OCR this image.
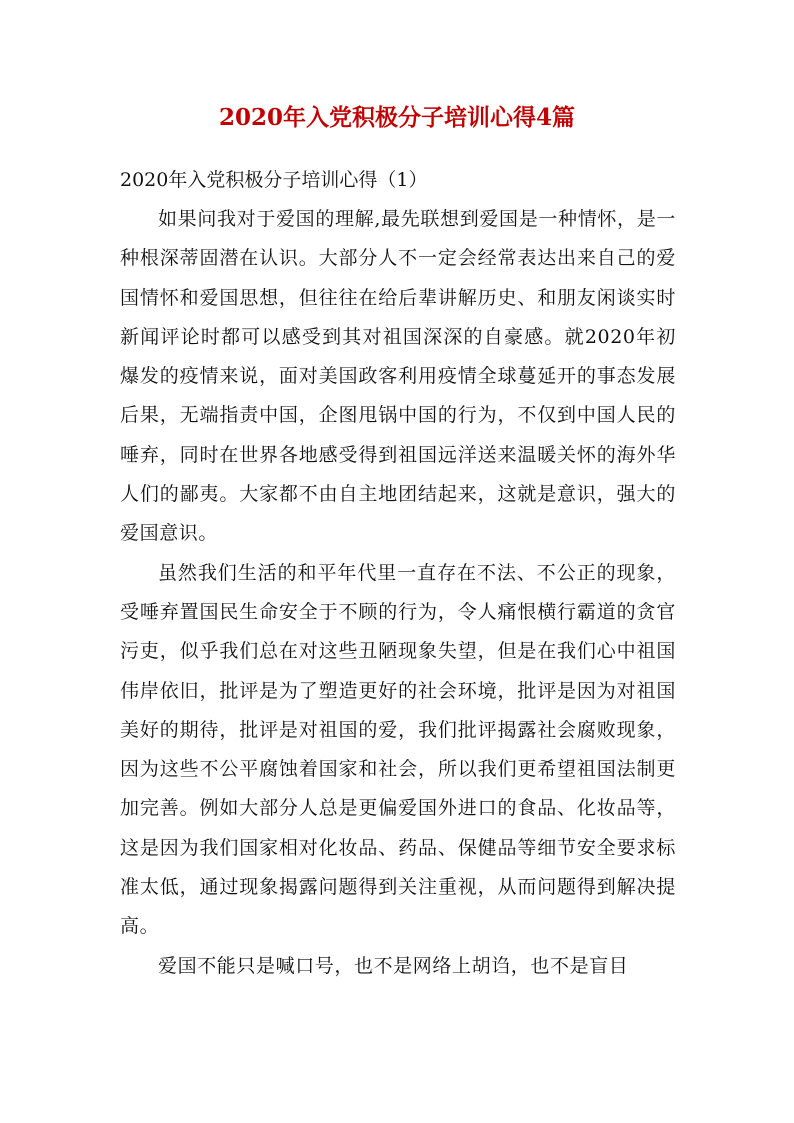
2020年入党积极分子培训心得4篇
2020年入党积极分子培训心得（1）

如果问我对于爱国的理解,最先联想到爱国是一种情怀，是一种根深蒂固潜在认识。大部分人不一定会经常表达出来自己的爱国情怀和爱国思想，但往往在给后辈讲解历史、和朋友闲谈实时新闻评论时都可以感受到其对祖国深深的自豪感。就2020年初爆发的疫情来说，面对美国政客利用疫情全球蔓延开的事态发展后果，无端指责中国，企图甩锅中国的行为，不仅到中国人民的唾弃，同时在世界各地感受得到祖国远洋送来温暖关怀的海外华人们的鄙夷。大家都不由自主地团结起来，这就是意识，强大的爱国意识。

虽然我们生活的和平年代里一直存在不法、不公正的现象，受唾弃置国民生命安全于不顾的行为，令人痛恨横行霸道的贪官污吏，似乎我们总在对这些丑陋现象失望，但是在我们心中祖国伟岸依旧，批评是为了塑造更好的社会环境，批评是因为对祖国美好的期待，批评是对祖国的爱，我们批评揭露社会腐败现象，因为这些不公平腐蚀着国家和社会，所以我们更希望祖国法制更加完善。例如大部分人总是更偏爱国外进口的食品、化妆品等，这是因为我们国家相对化妆品、药品、保健品等细节安全要求标准太低，通过现象揭露问题得到关注重视，从而问题得到解决提高。

爱国不能只是喊口号，也不是网络上胡诌，也不是盲目
